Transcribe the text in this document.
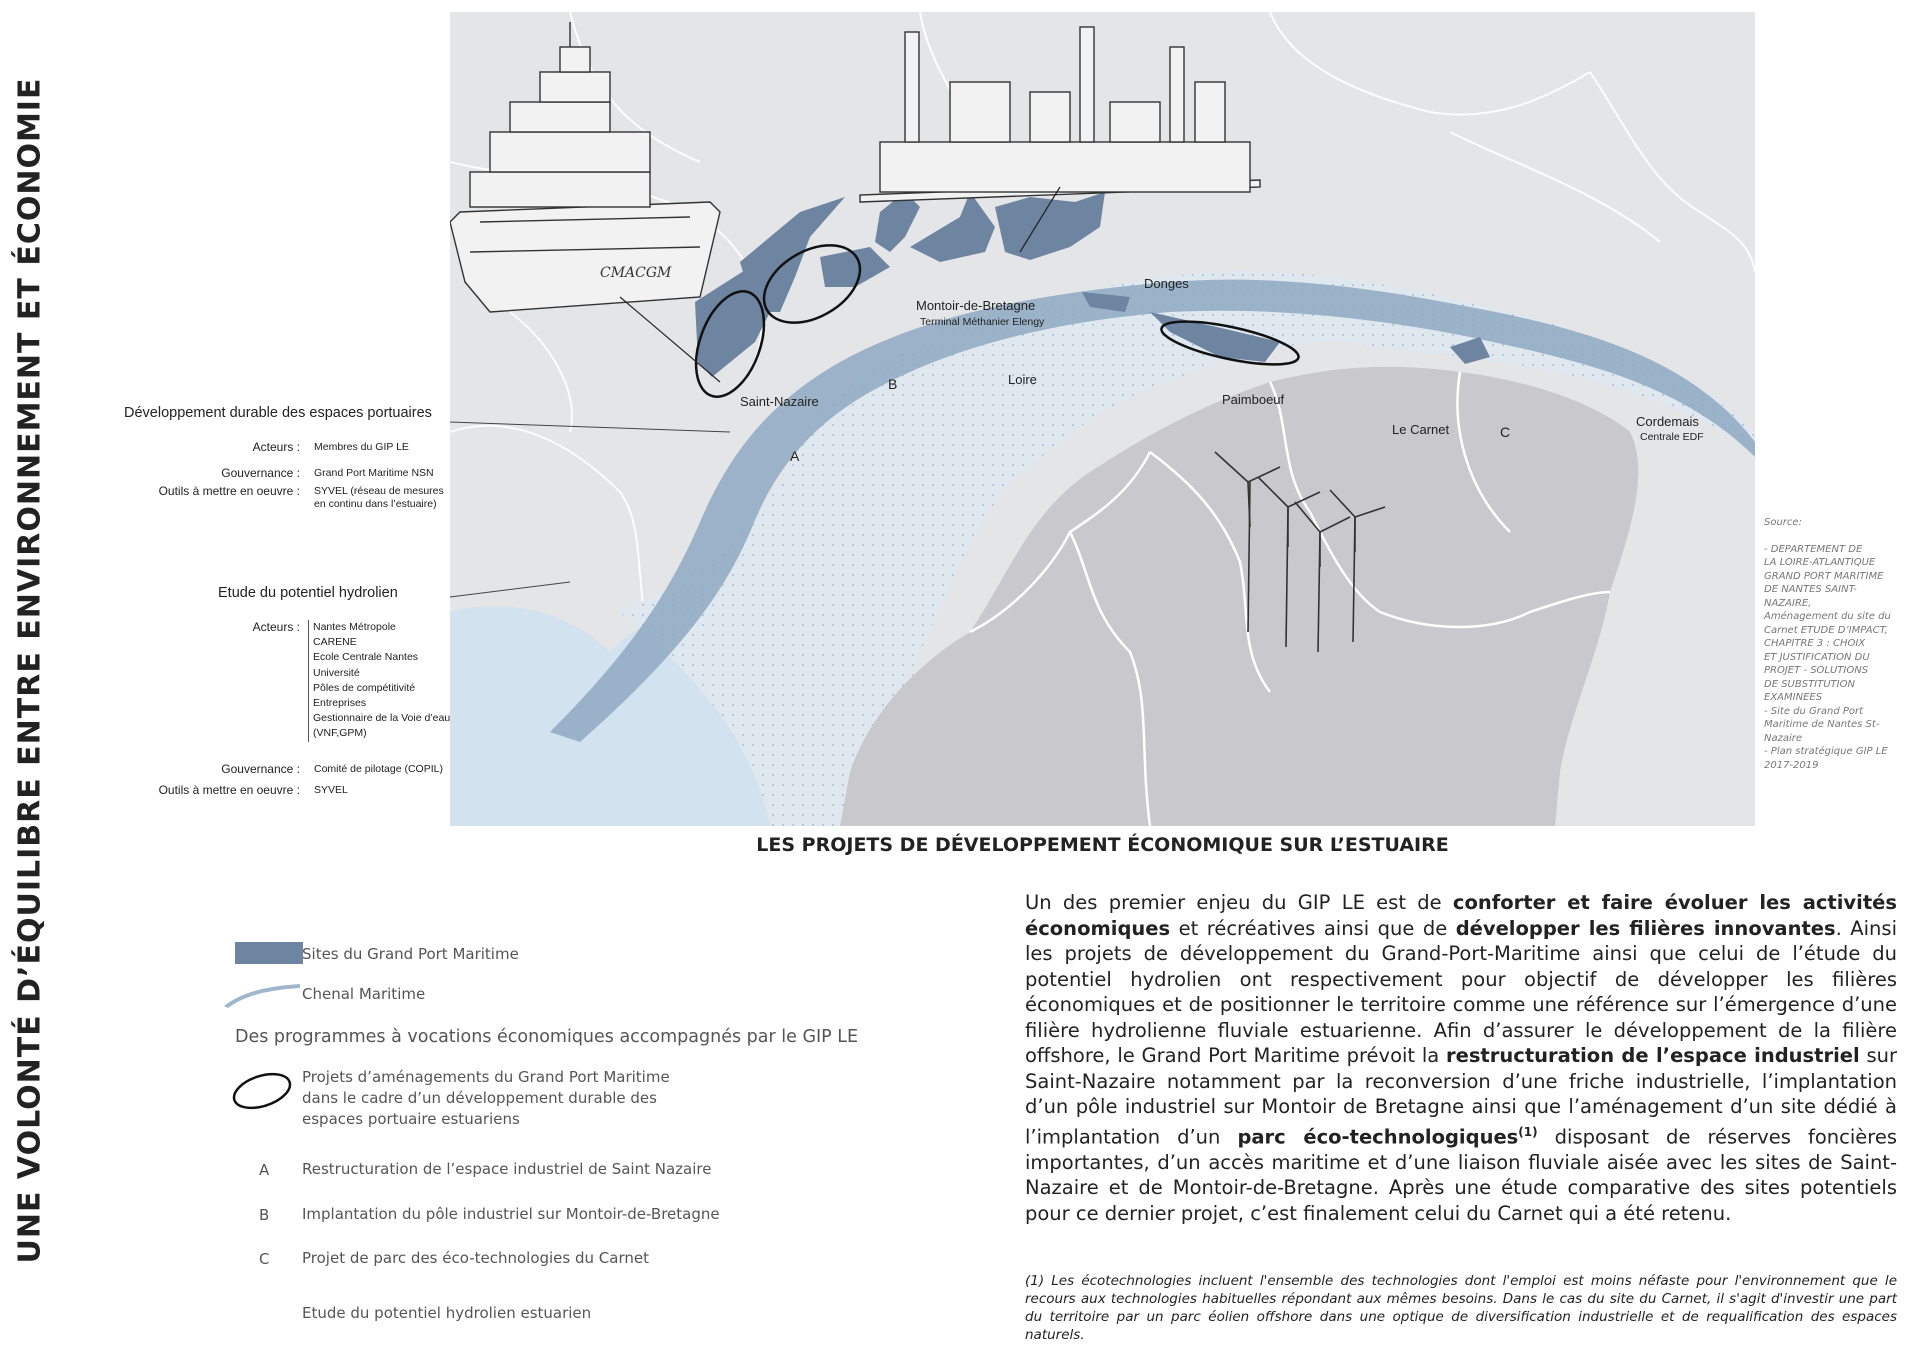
UNE VOLONTÉ D’ÉQUILIBRE ENTRE ENVIRONNEMENT ET ÉCONOMIE	CMACGM
Saint-Nazaire
Montoir-de-Bretagne
Terminal Méthanier Elengy
Donges
Loire
Paimboeuf
Le Carnet
Cordemais
Centrale EDF
A
B
C
Source:
- DEPARTEMENT DE
LA LOIRE-ATLANTIQUE
GRAND PORT MARITIME
DE NANTES SAINT-
NAZAIRE,
Aménagement du site du
Carnet ETUDE D’IMPACT,
CHAPITRE 3 : CHOIX
ET JUSTIFICATION DU
PROJET - SOLUTIONS
DE SUBSTITUTION
EXAMINEES
- Site du Grand Port
Maritime de Nantes St-
Nazaire
- Plan stratégique GIP LE
2017-2019
Développement durable des espaces portuaires
Acteurs : Membres du GIP LE
Gouvernance : Grand Port Maritime NSN
Outils à mettre en oeuvre : SYVEL (réseau de mesures
en continu dans l’estuaire)
Etude du potentiel hydrolien
Acteurs : Nantes Métropole
CARENE
Ecole Centrale Nantes
Université
Pôles de compétitivité
Entreprises
Gestionnaire de la Voie d’eau
(VNF,GPM)
Gouvernance : Comité de pilotage (COPIL)
Outils à mettre en oeuvre : SYVEL
LES PROJETS DE DÉVELOPPEMENT ÉCONOMIQUE SUR L’ESTUAIRE
Sites du Grand Port Maritime
Chenal Maritime
Des programmes à vocations économiques accompagnés par le GIP LE
Projets d’aménagements du Grand Port Maritime
dans le cadre d’un développement durable des
espaces portuaire estuariens
A Restructuration de l’espace industriel de Saint Nazaire
B Implantation du pôle industriel sur Montoir-de-Bretagne
C Projet de parc des éco-technologies du Carnet
Etude du potentiel hydrolien estuarien
Un des premier enjeu du GIP LE est de conforter et faire évoluer les activités économiques et récréatives ainsi que de développer les filières innovantes. Ainsi les projets de développement du Grand-Port-Maritime ainsi que celui de l’étude du potentiel hydrolien ont respectivement pour objectif de développer les filières économiques et de positionner le territoire comme une référence sur l’émergence d’une filière hydrolienne fluviale estuarienne. Afin d’assurer le développement de la filière offshore, le Grand Port Maritime prévoit la restructuration de l’espace industriel sur Saint-Nazaire notamment par la reconversion d’une friche industrielle, l’implantation d’un pôle industriel sur Montoir de Bretagne ainsi que l’aménagement d’un site dédié à l’implantation d’un parc éco-technologiques$^{(1)}$ disposant de réserves foncières importantes, d’un accès maritime et d’une liaison fluviale aisée avec les sites de Saint-Nazaire et de Montoir-de-Bretagne. Après une étude comparative des sites potentiels pour ce dernier projet, c’est finalement celui du Carnet qui a été retenu.
(1) Les écotechnologies incluent l'ensemble des technologies dont l'emploi est moins néfaste pour l'environnement que le recours aux technologies habituelles répondant aux mêmes besoins. Dans le cas du site du Carnet, il s'agit d'investir une part du territoire par un parc éolien offshore dans une optique de diversification industrielle et de requalification des espaces naturels.
